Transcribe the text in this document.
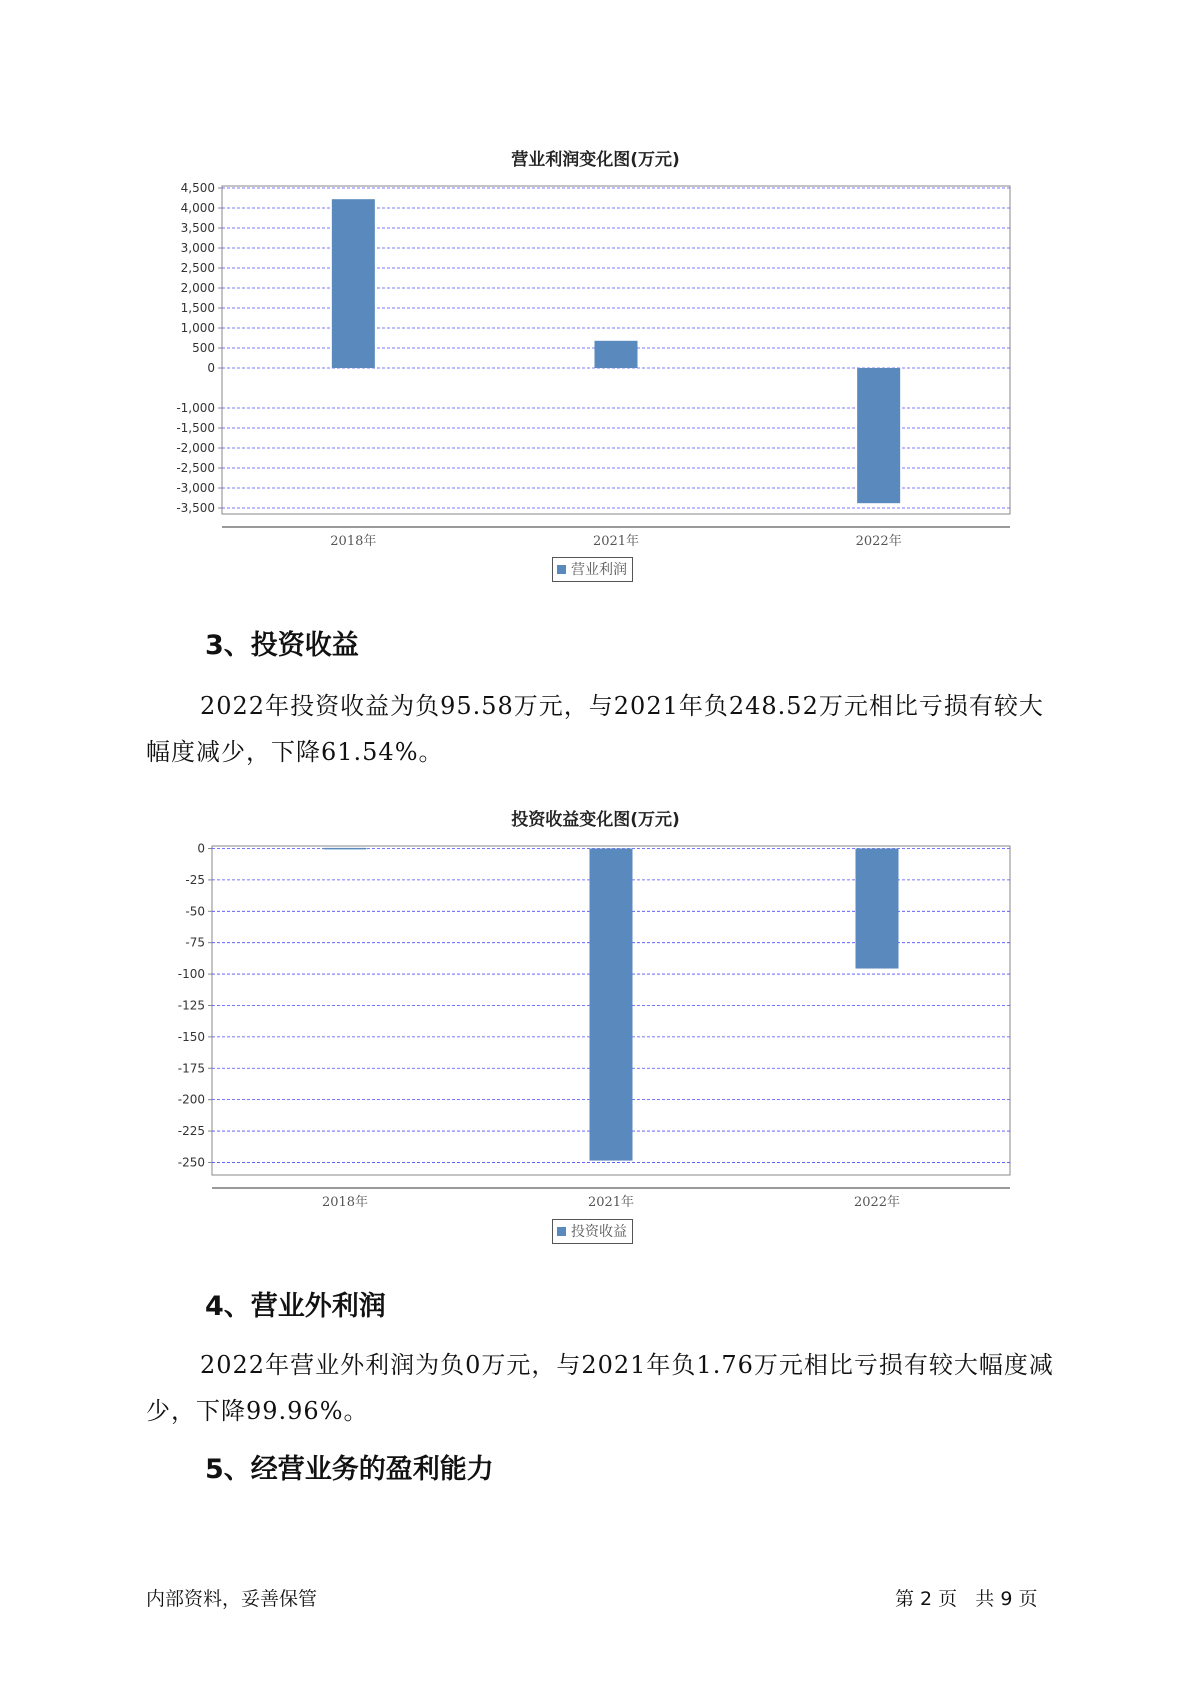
营业利润变化图(万元)
4,500
4,000
3,500
3,000
2,500
2,000
1,500
1,000
500
0
-1,000
-1,500
-2,000
-2,500
-3,000
-3,500
2018年	2021年	2022年
营业利润
3、投资收益
2022年投资收益为负95.58万元，与2021年负248.52万元相比亏损有较大幅度减少，下降61.54%。
投资收益变化图(万元)
0
-25
-50
-75
-100
-125
-150
-175
-200
-225
-250
2018年	2021年	2022年
投资收益
4、营业外利润
2022年营业外利润为负0万元，与2021年负1.76万元相比亏损有较大幅度减少，下降99.96%。
5、经营业务的盈利能力
内部资料，妥善保管	第 2 页   共 9 页
